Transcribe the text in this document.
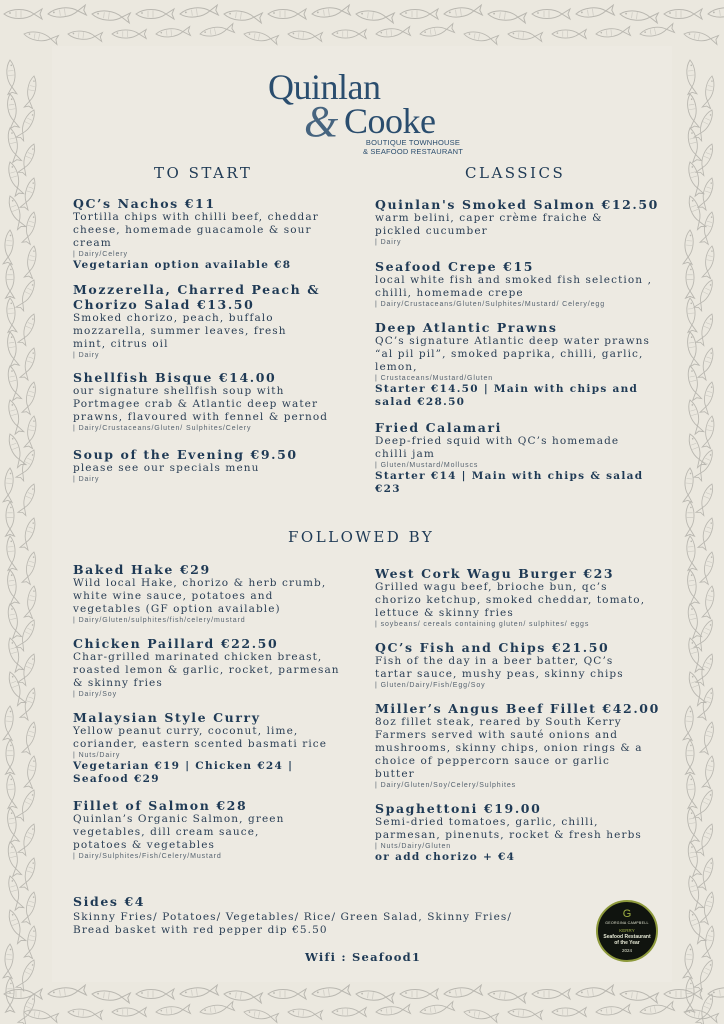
Quinlan
& Cooke
BOUTIQUE TOWNHOUSE
& SEAFOOD RESTAURANT
TO START	CLASSICS
FOLLOWED BY
QC’s Nachos €11
Tortilla chips with chilli beef, cheddar
cheese, homemade guacamole & sour
cream
| Dairy/Celery
Vegetarian option available €8
Mozzerella, Charred Peach & Chorizo Salad €13.50
Smoked chorizo, peach, buffalo
mozzarella, summer leaves, fresh
mint, citrus oil
| Dairy
Shellfish Bisque €14.00
our signature shellfish soup with
Portmagee crab & Atlantic deep water
prawns, flavoured with fennel & pernod
| Dairy/Crustaceans/Gluten/ Sulphites/Celery
Soup of the Evening €9.50
please see our specials menu
| Dairy
Quinlan's Smoked Salmon €12.50
warm belini, caper crème fraiche &
pickled cucumber
| Dairy
Seafood Crepe €15
local white fish and smoked fish selection ,
chilli, homemade crepe
| Dairy/Crustaceans/Gluten/Sulphites/Mustard/ Celery/egg
Deep Atlantic Prawns
QC’s signature Atlantic deep water prawns
“al pil pil”, smoked paprika, chilli, garlic,
lemon,
| Crustaceans/Mustard/Gluten
Starter €14.50 | Main with chips and
salad €28.50
Fried Calamari
Deep-fried squid with QC’s homemade
chilli jam
| Gluten/Mustard/Molluscs
Starter €14 | Main with chips & salad
€23
Baked Hake €29
Wild local Hake, chorizo & herb crumb,
white wine sauce, potatoes and
vegetables (GF option available)
| Dairy/Gluten/sulphites/fish/celery/mustard
Chicken Paillard €22.50
Char-grilled marinated chicken breast,
roasted lemon & garlic, rocket, parmesan
& skinny fries
| Dairy/Soy
Malaysian Style Curry
Yellow peanut curry, coconut, lime,
coriander, eastern scented basmati rice
| Nuts/Dairy
Vegetarian €19 | Chicken €24 |
Seafood €29
Fillet of Salmon €28
Quinlan’s Organic Salmon, green
vegetables, dill cream sauce,
potatoes & vegetables
| Dairy/Sulphites/Fish/Celery/Mustard
West Cork Wagu Burger €23
Grilled wagu beef, brioche bun, qc’s
chorizo ketchup, smoked cheddar, tomato,
lettuce & skinny fries
| soybeans/ cereals containing gluten/ sulphites/ eggs
QC’s Fish and Chips €21.50
Fish of the day in a beer batter, QC’s
tartar sauce, mushy peas, skinny chips
| Gluten/Dairy/Fish/Egg/Soy
Miller’s Angus Beef Fillet €42.00
8oz fillet steak, reared by South Kerry
Farmers served with sauté onions and
mushrooms, skinny chips, onion rings & a
choice of peppercorn sauce or garlic
butter
| Dairy/Gluten/Soy/Celery/Sulphites
Spaghettoni €19.00
Semi-dried tomatoes, garlic, chilli,
parmesan, pinenuts, rocket & fresh herbs
| Nuts/Dairy/Gluten
or add chorizo + €4
Sides €4
Skinny Fries/ Potatoes/ Vegetables/ Rice/ Green Salad, Skinny Fries/
Bread basket with red pepper dip €5.50
Wifi : Seafood1
G
GEORGINA CAMPBELL
KERRY
Seafood Restaurant
of the Year
2024
